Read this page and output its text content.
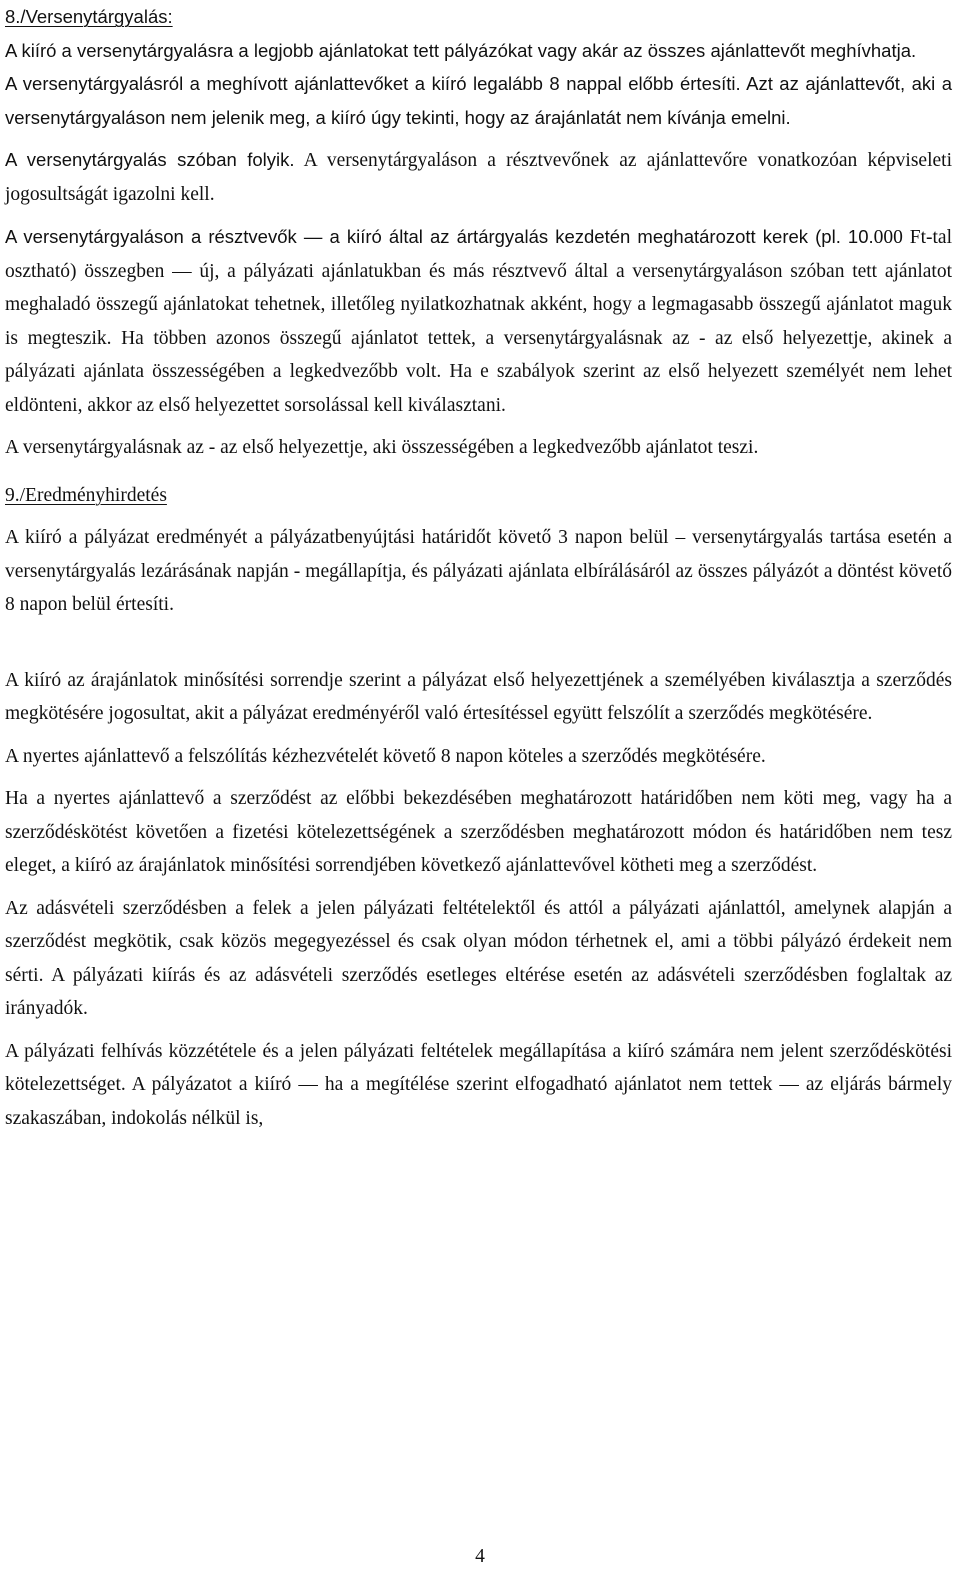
8./Versenytárgyalás:

A kiíró a versenytárgyalásra a legjobb ajánlatokat tett pályázókat vagy akár az összes ajánlattevőt meghívhatja.

A versenytárgyalásról a meghívott ajánlattevőket a kiíró legalább 8 nappal előbb értesíti. Azt az ajánlattevőt, aki a versenytárgyaláson nem jelenik meg, a kiíró úgy tekinti, hogy az árajánlatát nem kívánja emelni.

A versenytárgyalás szóban folyik. A versenytárgyaláson a résztvevőnek az ajánlattevőre vonatkozóan képviseleti jogosultságát igazolni kell.

A versenytárgyaláson a résztvevők — a kiíró által az ártárgyalás kezdetén meghatározott kerek (pl. 10.000 Ft-tal osztható) összegben — új, a pályázati ajánlatukban és más résztvevő által a versenytárgyaláson szóban tett ajánlatot meghaladó összegű ajánlatokat tehetnek, illetőleg nyilatkozhatnak akként, hogy a legmagasabb összegű ajánlatot maguk is megteszik. Ha többen azonos összegű ajánlatot tettek, a versenytárgyalásnak az - az első helyezettje, akinek a pályázati ajánlata összességében a legkedvezőbb volt. Ha e szabályok szerint az első helyezett személyét nem lehet eldönteni, akkor az első helyezettet sorsolással kell kiválasztani.

A versenytárgyalásnak az - az első helyezettje, aki összességében a legkedvezőbb ajánlatot teszi.

9./Eredményhirdetés

A kiíró a pályázat eredményét a pályázatbenyújtási határidőt követő 3 napon belül – versenytárgyalás tartása esetén a versenytárgyalás lezárásának napján - megállapítja, és pályázati ajánlata elbírálásáról az összes pályázót a döntést követő 8 napon belül értesíti.

A kiíró az árajánlatok minősítési sorrendje szerint a pályázat első helyezettjének a személyében kiválasztja a szerződés megkötésére jogosultat, akit a pályázat eredményéről való értesítéssel együtt felszólít a szerződés megkötésére.

A nyertes ajánlattevő a felszólítás kézhezvételét követő 8 napon köteles a szerződés megkötésére.

Ha a nyertes ajánlattevő a szerződést az előbbi bekezdésében meghatározott határidőben nem köti meg, vagy ha a szerződéskötést követően a fizetési kötelezettségének a szerződésben meghatározott módon és határidőben nem tesz eleget, a kiíró az árajánlatok minősítési sorrendjében következő ajánlattevővel kötheti meg a szerződést.

Az adásvételi szerződésben a felek a jelen pályázati feltételektől és attól a pályázati ajánlattól, amelynek alapján a szerződést megkötik, csak közös megegyezéssel és csak olyan módon térhetnek el, ami a többi pályázó érdekeit nem sérti. A pályázati kiírás és az adásvételi szerződés esetleges eltérése esetén az adásvételi szerződésben foglaltak az irányadók.

A pályázati felhívás közzététele és a jelen pályázati feltételek megállapítása a kiíró számára nem jelent szerződéskötési kötelezettséget. A pályázatot a kiíró — ha a megítélése szerint elfogadható ajánlatot nem tettek — az eljárás bármely szakaszában, indokolás nélkül is,

4
